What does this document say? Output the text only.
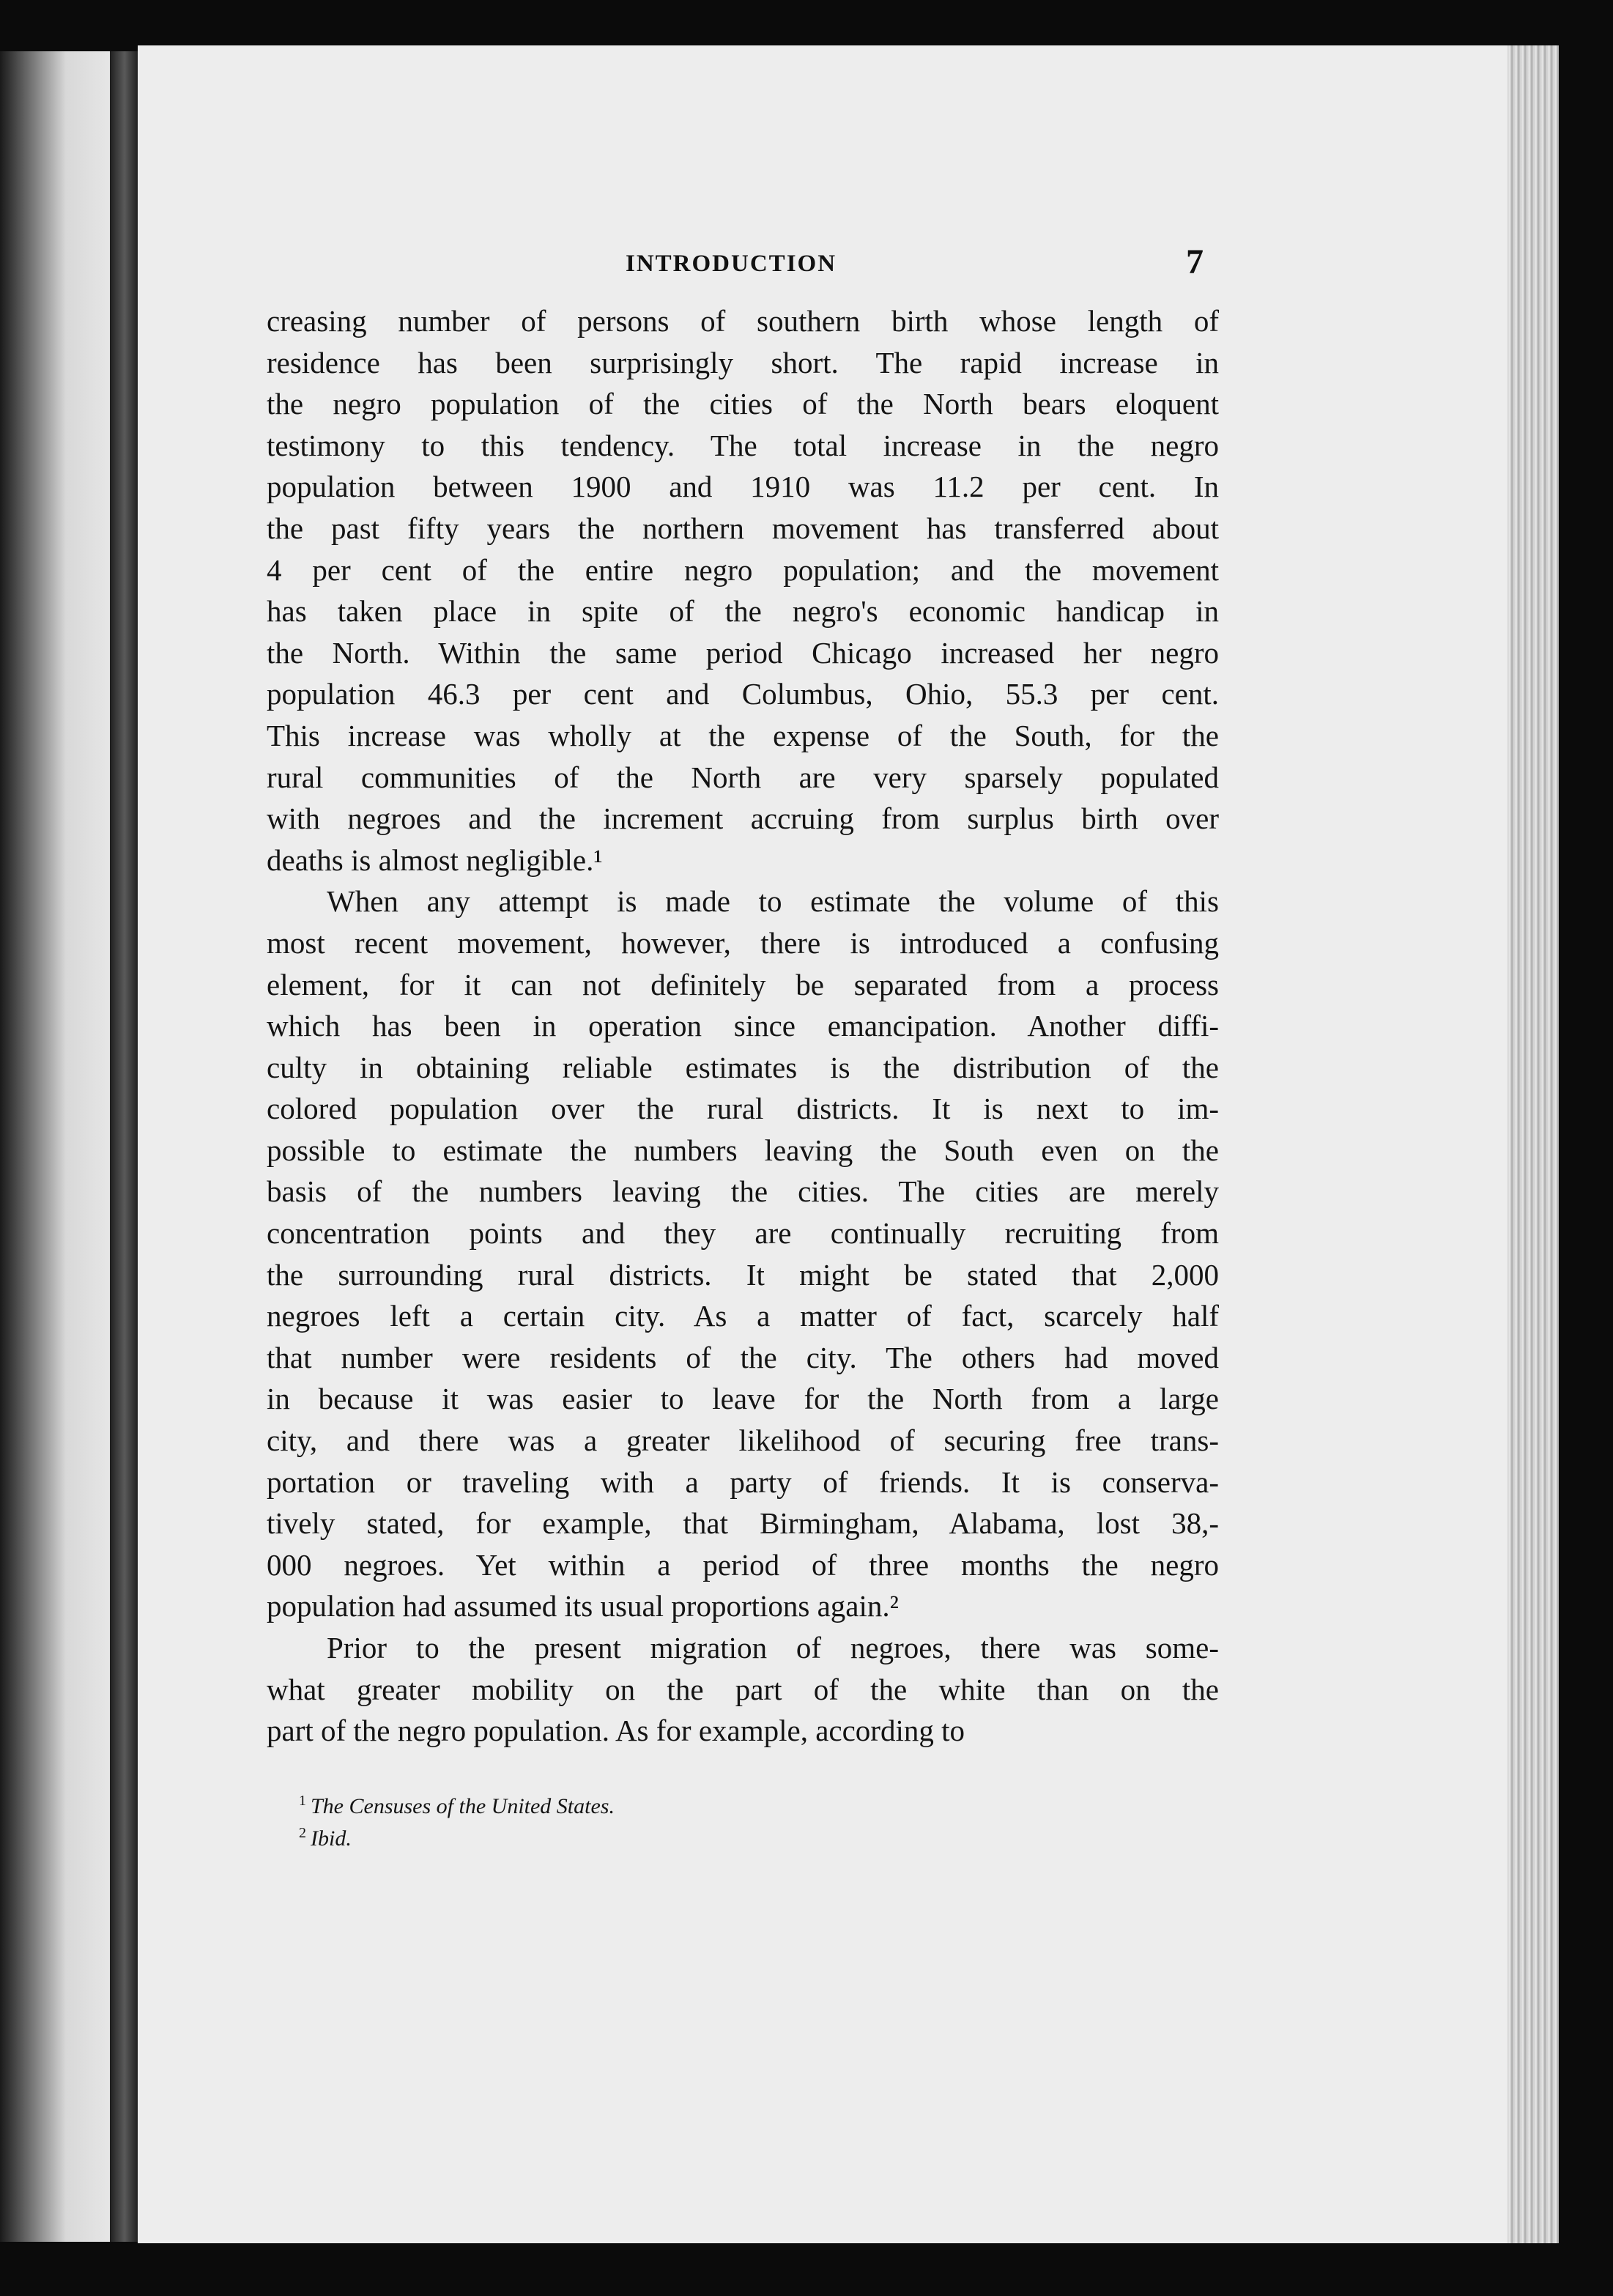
INTRODUCTION	7
creasing number of persons of southern birth whose length of
residence has been surprisingly short. The rapid increase in
the negro population of the cities of the North bears eloquent
testimony to this tendency. The total increase in the negro
population between 1900 and 1910 was 11.2 per cent. In
the past fifty years the northern movement has transferred about
4 per cent of the entire negro population; and the movement
has taken place in spite of the negro's economic handicap in
the North. Within the same period Chicago increased her negro
population 46.3 per cent and Columbus, Ohio, 55.3 per cent.
This increase was wholly at the expense of the South, for the
rural communities of the North are very sparsely populated
with negroes and the increment accruing from surplus birth over
deaths is almost negligible.¹
  When any attempt is made to estimate the volume of this
most recent movement, however, there is introduced a confusing
element, for it can not definitely be separated from a process
which has been in operation since emancipation. Another diffi-
culty in obtaining reliable estimates is the distribution of the
colored population over the rural districts. It is next to im-
possible to estimate the numbers leaving the South even on the
basis of the numbers leaving the cities. The cities are merely
concentration points and they are continually recruiting from
the surrounding rural districts. It might be stated that 2,000
negroes left a certain city. As a matter of fact, scarcely half
that number were residents of the city. The others had moved
in because it was easier to leave for the North from a large
city, and there was a greater likelihood of securing free trans-
portation or traveling with a party of friends. It is conserva-
tively stated, for example, that Birmingham, Alabama, lost 38,-
000 negroes. Yet within a period of three months the negro
population had assumed its usual proportions again.²
  Prior to the present migration of negroes, there was some-
what greater mobility on the part of the white than on the
part of the negro population. As for example, according to
$^1$ The Censuses of the United States.
$^2$ Ibid.
